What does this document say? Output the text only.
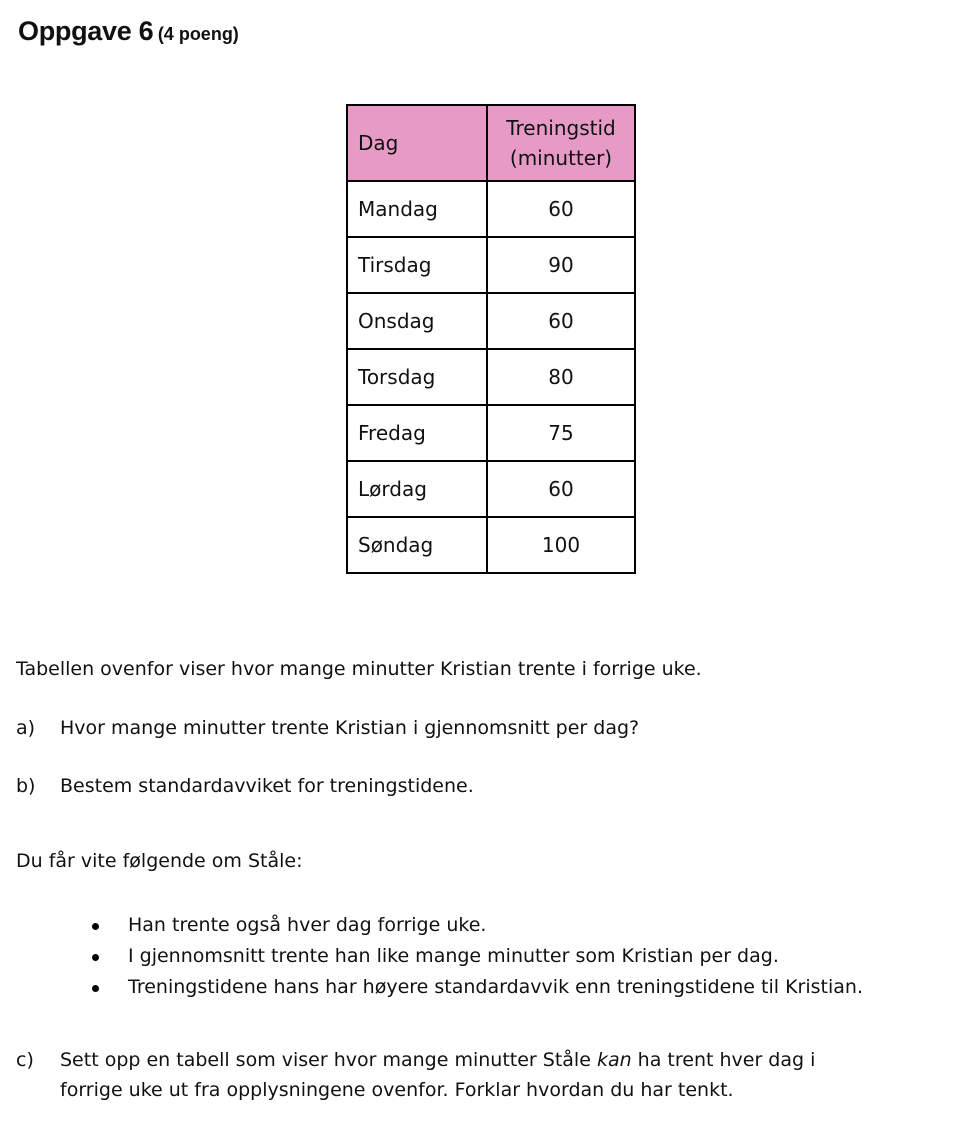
Oppgave 6 (4 poeng)
Dag	Treningstid
(minutter)
Mandag	60
Tirsdag	90
Onsdag	60
Torsdag	80
Fredag	75
Lørdag	60
Søndag	100
Tabellen ovenfor viser hvor mange minutter Kristian trente i forrige uke.
a) Hvor mange minutter trente Kristian i gjennomsnitt per dag?
b) Bestem standardavviket for treningstidene.
Du får vite følgende om Ståle:
Han trente også hver dag forrige uke.
I gjennomsnitt trente han like mange minutter som Kristian per dag.
Treningstidene hans har høyere standardavvik enn treningstidene til Kristian.
c) Sett opp en tabell som viser hvor mange minutter Ståle kan ha trent hver dag i
forrige uke ut fra opplysningene ovenfor. Forklar hvordan du har tenkt.
